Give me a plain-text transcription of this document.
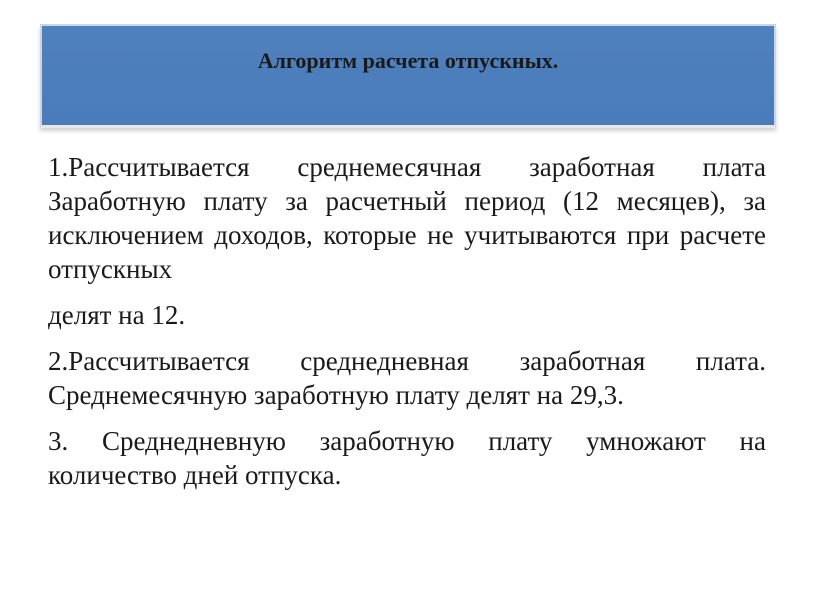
Алгоритм расчета отпускных.

1.Рассчитывается среднемесячная заработная плата Заработную плату за расчетный период (12 месяцев), за исключением доходов, которые не учитываются при расчете отпускных

делят на 12.

2.Рассчитывается среднедневная заработная плата. Среднемесячную заработную плату делят на 29,3.

3. Среднедневную заработную плату умножают на количество дней отпуска.
